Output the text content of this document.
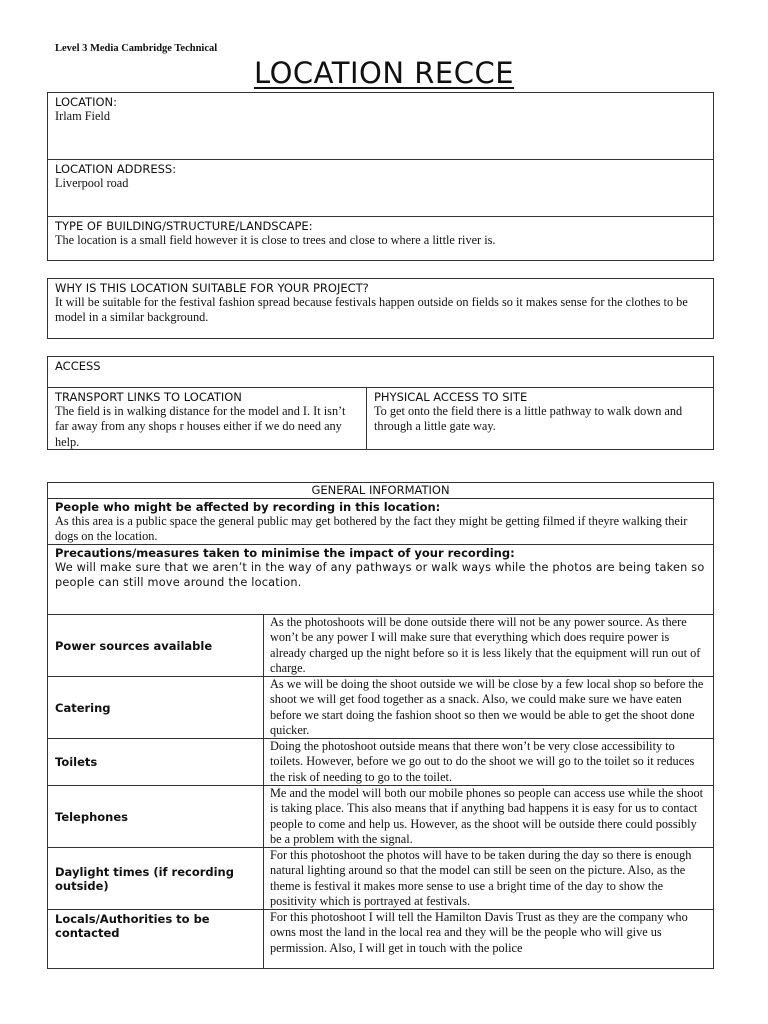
Level 3 Media Cambridge Technical
LOCATION RECCE
LOCATION:
Irlam Field
LOCATION ADDRESS:
Liverpool road
TYPE OF BUILDING/STRUCTURE/LANDSCAPE:
The location is a small field however it is close to trees and close to where a little river is.
WHY IS THIS LOCATION SUITABLE FOR YOUR PROJECT?
It will be suitable for the festival fashion spread because festivals happen outside on fields so it makes sense for the clothes to be model in a similar background.
ACCESS
TRANSPORT LINKS TO LOCATION
The field is in walking distance for the model and I. It isn’t far away from any shops r houses either if we do need any help.
PHYSICAL ACCESS TO SITE
To get onto the field there is a little pathway to walk down and through a little gate way.
GENERAL INFORMATION
People who might be affected by recording in this location:
As this area is a public space the general public may get bothered by the fact they might be getting filmed if theyre walking their dogs on the location.
Precautions/measures taken to minimise the impact of your recording:
We will make sure that we aren’t in the way of any pathways or walk ways while the photos are being taken so people can still move around the location.
Power sources available
As the photoshoots will be done outside there will not be any power source. As there won’t be any power I will make sure that everything which does require power is already charged up the night before so it is less likely that the equipment will run out of charge.
Catering
As we will be doing the shoot outside we will be close by a few local shop so before the shoot we will get food together as a snack. Also, we could make sure we have eaten before we start doing the fashion shoot so then we would be able to get the shoot done quicker.
Toilets
Doing the photoshoot outside means that there won’t be very close accessibility to toilets. However, before we go out to do the shoot we will go to the toilet so it reduces the risk of needing to go to the toilet.
Telephones
Me and the model will both our mobile phones so people can access use while the shoot is taking place. This also means that if anything bad happens it is easy for us to contact people to come and help us. However, as the shoot will be outside there could possibly be a problem with the signal.
Daylight times (if recording outside)
For this photoshoot the photos will have to be taken during the day so there is enough natural lighting around so that the model can still be seen on the picture. Also, as the theme is festival it makes more sense to use a bright time of the day to show the positivity which is portrayed at festivals.
Locals/Authorities to be contacted
For this photoshoot I will tell the Hamilton Davis Trust as they are the company who owns most the land in the local rea and they will be the people who will give us permission. Also, I will get in touch with the police
